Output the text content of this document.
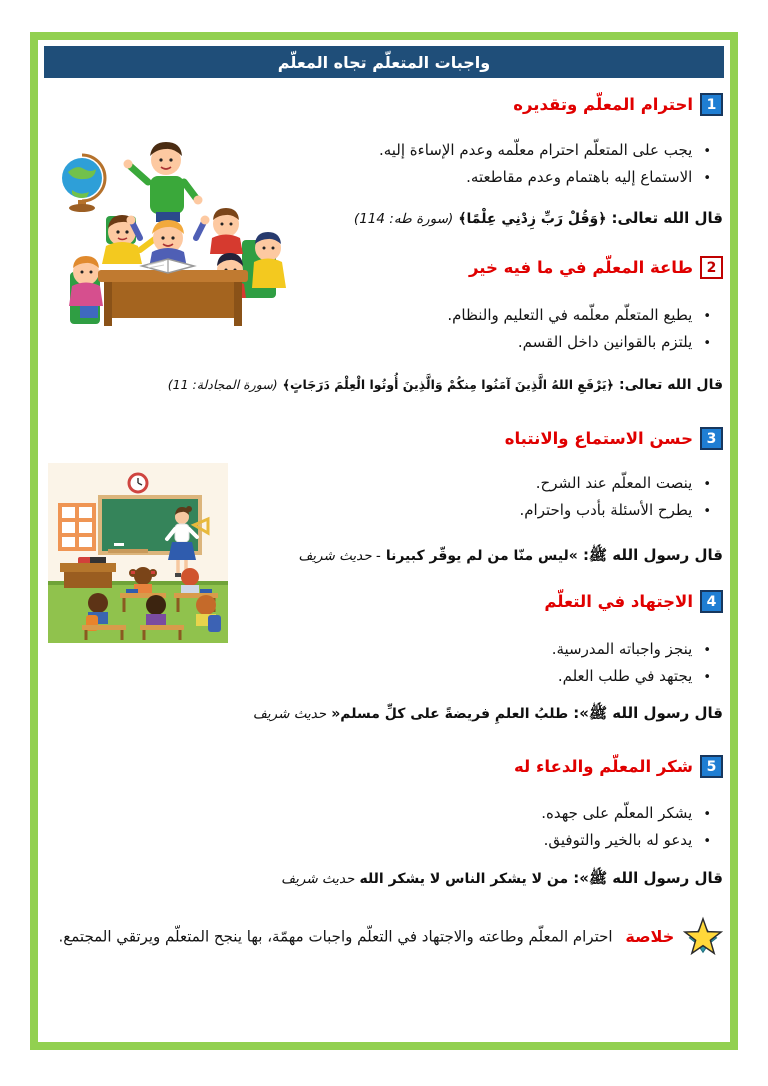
واجبات المتعلّم تجاه المعلّم
1
احترام المعلّم وتقديره
• يجب على المتعلّم احترام معلّمه وعدم الإساءة إليه.
• الاستماع إليه باهتمام وعدم مقاطعته.
قال الله تعالى: ﴿وَقُلْ رَبِّ زِدْنِي عِلْمًا﴾ (سورة طه: 114)
2
طاعة المعلّم في ما فيه خير
• يطيع المتعلّم معلّمه في التعليم والنظام.
• يلتزم بالقوانين داخل القسم.
قال الله تعالى: ﴿يَرْفَعِ اللهُ الَّذِينَ آمَنُوا مِنكُمْ وَالَّذِينَ أُوتُوا الْعِلْمَ دَرَجَاتٍ﴾ (سورة المجادلة: 11)
3
حسن الاستماع والانتباه
• ينصت المعلّم عند الشرح.
• يطرح الأسئلة بأدب واحترام.
قال رسول الله ﷺ: »ليس منّا من لم يوقّر كبيرنا - حديث شريف
4
الاجتهاد في التعلّم
• ينجز واجباته المدرسية.
• يجتهد في طلب العلم.
قال رسول الله ﷺ»: طلبُ العلمِ فريضةً على كلِّ مسلم« حديث شريف
5
شكر المعلّم والدعاء له
• يشكر المعلّم على جهده.
• يدعو له بالخير والتوفيق.
قال رسول الله ﷺ»: من لا يشكر الناس لا يشكر الله حديث شريف
خلاصة احترام المعلّم وطاعته والاجتهاد في التعلّم واجبات مهمّة، بها ينجح المتعلّم ويرتقي المجتمع.
